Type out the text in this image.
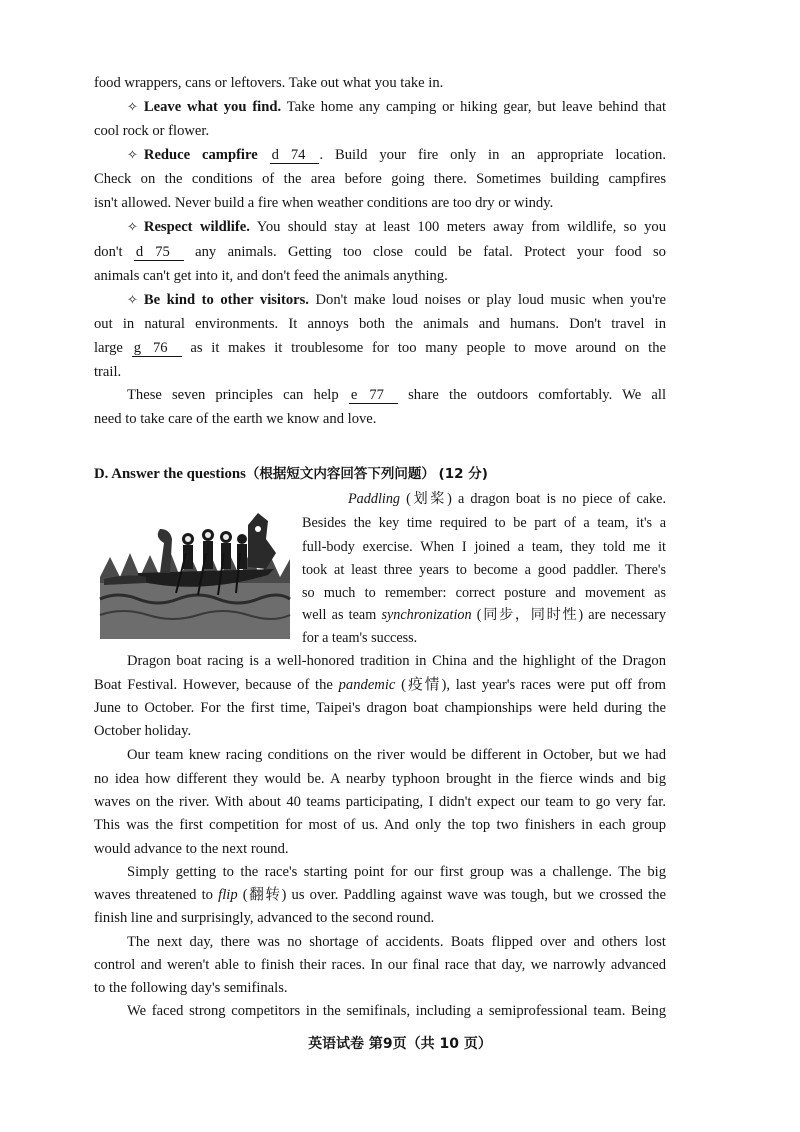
food wrappers, cans or leftovers. Take out what you take in.
✧ Leave what you find. Take home any camping or hiking gear, but leave behind that
cool rock or flower.
✧ Reduce campfire d 74 . Build your fire only in an appropriate location.
Check on the conditions of the area before going there. Sometimes building campfires
isn't allowed. Never build a fire when weather conditions are too dry or windy.
✧ Respect wildlife. You should stay at least 100 meters away from wildlife, so you
don't d 75 any animals. Getting too close could be fatal. Protect your food so
animals can't get into it, and don't feed the animals anything.
✧ Be kind to other visitors. Don't make loud noises or play loud music when you're
out in natural environments. It annoys both the animals and humans. Don't travel in
large g 76 as it makes it troublesome for too many people to move around on the
trail.
These seven principles can help e 77 share the outdoors comfortably. We all
need to take care of the earth we know and love.
D. Answer the questions（根据短文内容回答下列问题） (12 分)
Paddling (划桨) a dragon boat is no piece of cake.
Besides the key time required to be part of a team, it's a
full-body exercise. When I joined a team, they told me it
took at least three years to become a good paddler. There's
so much to remember: correct posture and movement as
well as team synchronization (同步，同时性) are necessary
for a team's success.
Dragon boat racing is a well-honored tradition in China and the highlight of the Dragon
Boat Festival. However, because of the pandemic (疫情), last year's races were put off from
June to October. For the first time, Taipei's dragon boat championships were held during the
October holiday.
Our team knew racing conditions on the river would be different in October, but we had
no idea how different they would be. A nearby typhoon brought in the fierce winds and big
waves on the river. With about 40 teams participating, I didn't expect our team to go very far.
This was the first competition for most of us. And only the top two finishers in each group
would advance to the next round.
Simply getting to the race's starting point for our first group was a challenge. The big
waves threatened to flip (翻转) us over. Paddling against wave was tough, but we crossed the
finish line and surprisingly, advanced to the second round.
The next day, there was no shortage of accidents. Boats flipped over and others lost
control and weren't able to finish their races. In our final race that day, we narrowly advanced
to the following day's semifinals.
We faced strong competitors in the semifinals, including a semiprofessional team. Being
英语试卷 第9页（共 10 页）
